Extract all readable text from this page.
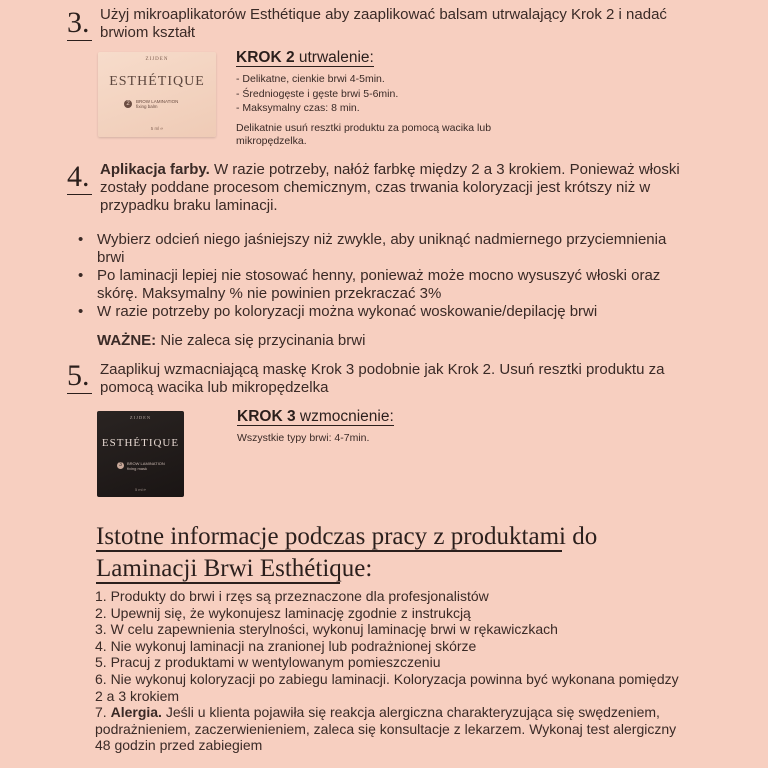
3. Użyj mikroaplikatorów Esthétique aby zaaplikować balsam utrwalający Krok 2 i nadać brwiom kształt
ZIJDEN
ESTHÉTIQUE
2	BROW LAMINATION
fixing balm
5 ml ℮
KROK 2 utrwalenie:
- Delikatne, cienkie brwi 4-5min.
- Średniogęste i gęste brwi 5-6min.
- Maksymalny czas: 8 min.
Delikatnie usuń resztki produktu za pomocą wacika lub mikropędzelka.
4. Aplikacja farby. W razie potrzeby, nałóż farbkę między 2 a 3 krokiem. Ponieważ włoski zostały poddane procesom chemicznym, czas trwania koloryzacji jest krótszy niż w przypadku braku laminacji.
• Wybierz odcień niego jaśniejszy niż zwykle, aby uniknąć nadmiernego przyciemnienia brwi
• Po laminacji lepiej nie stosować henny, ponieważ może mocno wysuszyć włoski oraz skórę. Maksymalny % nie powinien przekraczać 3%
• W razie potrzeby po koloryzacji można wykonać woskowanie/depilację brwi
WAŻNE: Nie zaleca się przycinania brwi
5. Zaaplikuj wzmacniającą maskę Krok 3 podobnie jak Krok 2. Usuń resztki produktu za pomocą wacika lub mikropędzelka
ZIJDEN
ESTHÉTIQUE
3	BROW LAMINATION
fixing mask
5 ml ℮
KROK 3 wzmocnienie:
Wszystkie typy brwi: 4-7min.
Istotne informacje podczas pracy z produktami do
Laminacji Brwi Esthétique:
1. Produkty do brwi i rzęs są przeznaczone dla profesjonalistów
2. Upewnij się, że wykonujesz laminację zgodnie z instrukcją
3. W celu zapewnienia sterylności, wykonuj laminację brwi w rękawiczkach
4. Nie wykonuj laminacji na zranionej lub podrażnionej skórze
5. Pracuj z produktami w wentylowanym pomieszczeniu
6. Nie wykonuj koloryzacji po zabiegu laminacji. Koloryzacja powinna być wykonana pomiędzy 2 a 3 krokiem
7. Alergia. Jeśli u klienta pojawiła się reakcja alergiczna charakteryzująca się swędzeniem, podrażnieniem, zaczerwienieniem, zaleca się konsultacje z lekarzem. Wykonaj test alergiczny 48 godzin przed zabiegiem
